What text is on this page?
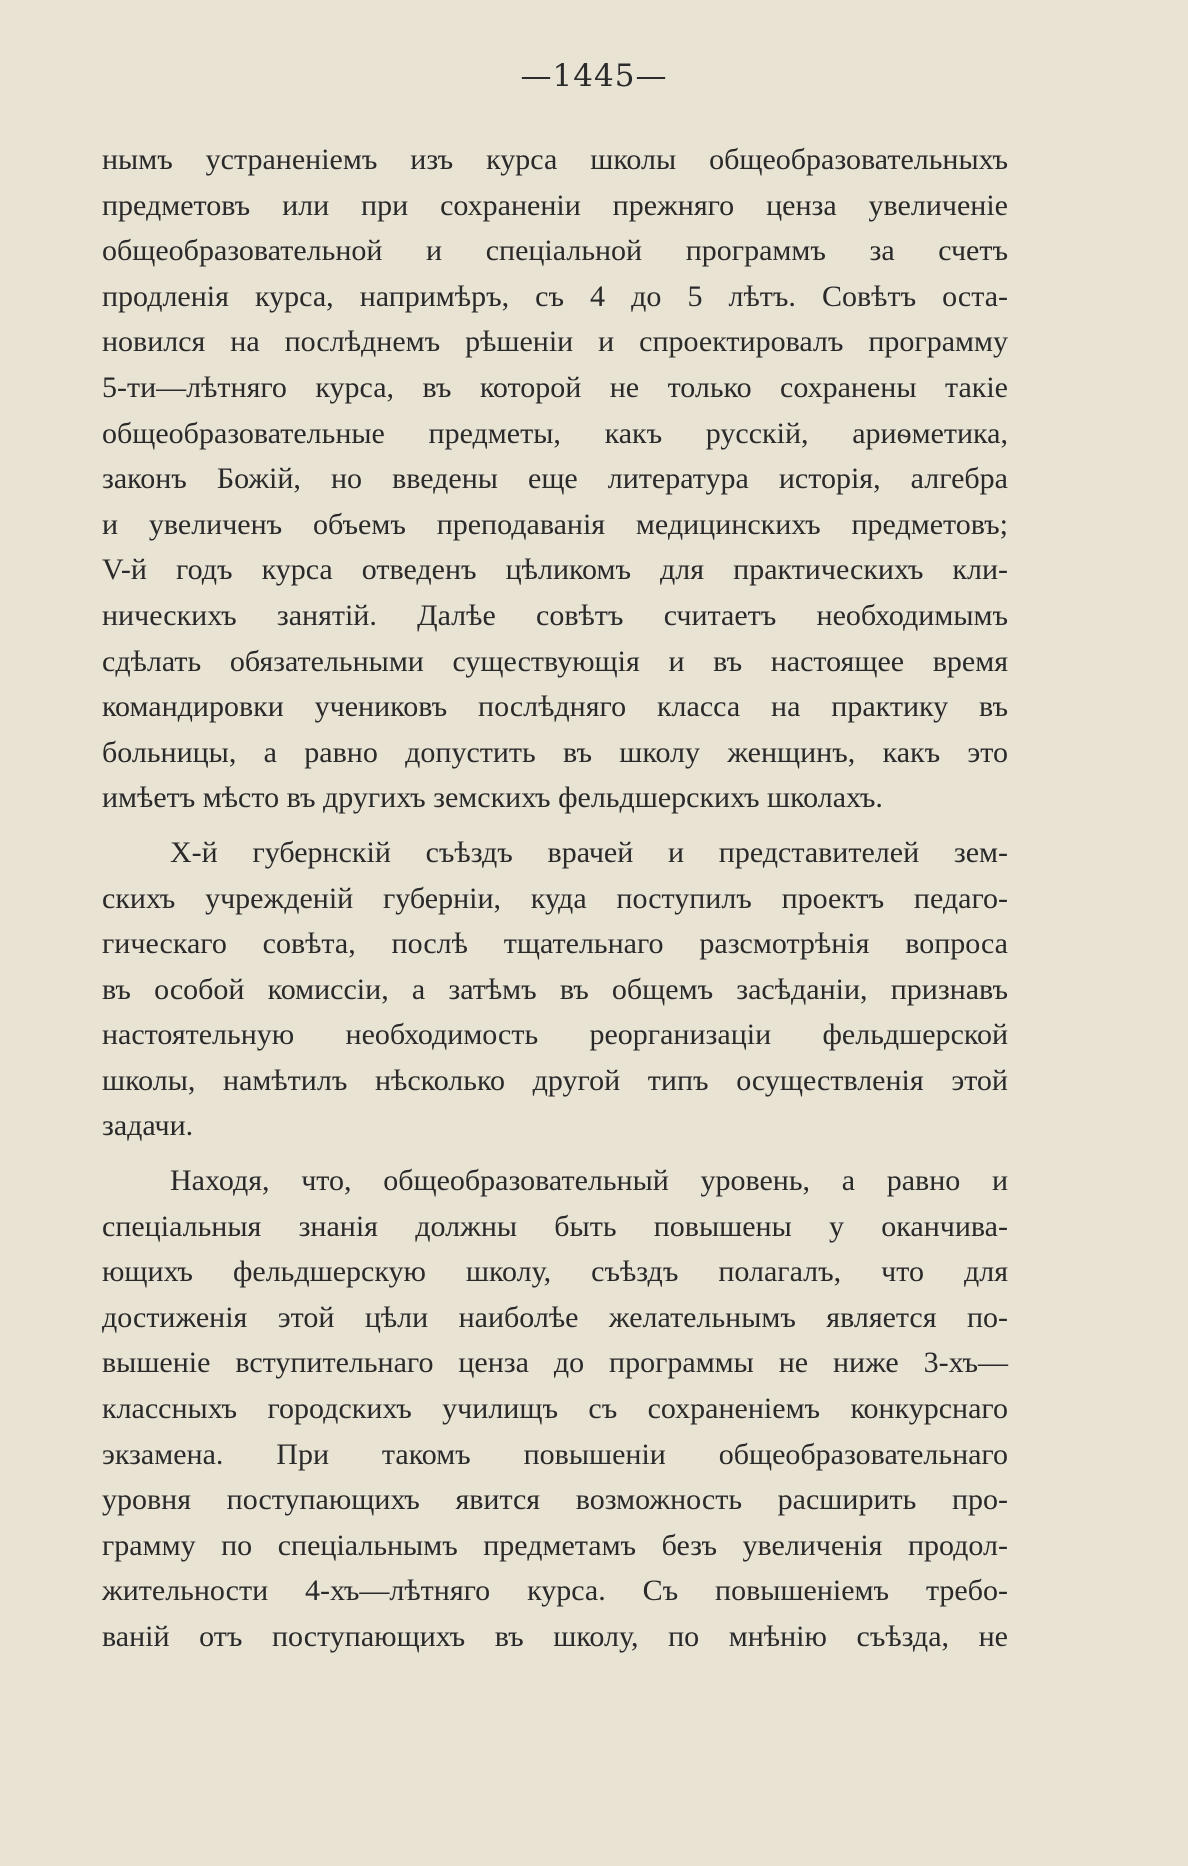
—1445—
нымъ устраненіемъ изъ курса школы общеобразовательныхъ
предметовъ или при сохраненіи прежняго ценза увеличеніе
общеобразовательной и спеціальной программъ за счетъ
продленія курса, напримѣръ, съ 4 до 5 лѣтъ. Совѣтъ оста-
новился на послѣднемъ рѣшеніи и спроектировалъ программу
5-ти—лѣтняго курса, въ которой не только сохранены такіе
общеобразовательные предметы, какъ русскій, ариѳметика,
законъ Божій, но введены еще литература исторія, алгебра
и увеличенъ объемъ преподаванія медицинскихъ предметовъ;
V-й годъ курса отведенъ цѣликомъ для практическихъ кли-
ническихъ занятій. Далѣе совѣтъ считаетъ необходимымъ
сдѣлать обязательными существующія и въ настоящее время
командировки учениковъ послѣдняго класса на практику въ
больницы, а равно допустить въ школу женщинъ, какъ это
имѣетъ мѣсто въ другихъ земскихъ фельдшерскихъ школахъ.
Х-й губернскій съѣздъ врачей и представителей зем-
скихъ учрежденій губерніи, куда поступилъ проектъ педаго-
гическаго совѣта, послѣ тщательнаго разсмотрѣнія вопроса
въ особой комиссіи, а затѣмъ въ общемъ засѣданіи, признавъ
настоятельную необходимость реорганизаціи фельдшерской
школы, намѣтилъ нѣсколько другой типъ осуществленія этой
задачи.
Находя, что, общеобразовательный уровень, а равно и
спеціальныя знанія должны быть повышены у оканчива-
ющихъ фельдшерскую школу, съѣздъ полагалъ, что для
достиженія этой цѣли наиболѣе желательнымъ является по-
вышеніе вступительнаго ценза до программы не ниже 3-хъ—
классныхъ городскихъ училищъ съ сохраненіемъ конкурснаго
экзамена. При такомъ повышеніи общеобразовательнаго
уровня поступающихъ явится возможность расширить про-
грамму по спеціальнымъ предметамъ безъ увеличенія продол-
жительности 4-хъ—лѣтняго курса. Съ повышеніемъ требо-
ваній отъ поступающихъ въ школу, по мнѣнію съѣзда, не
